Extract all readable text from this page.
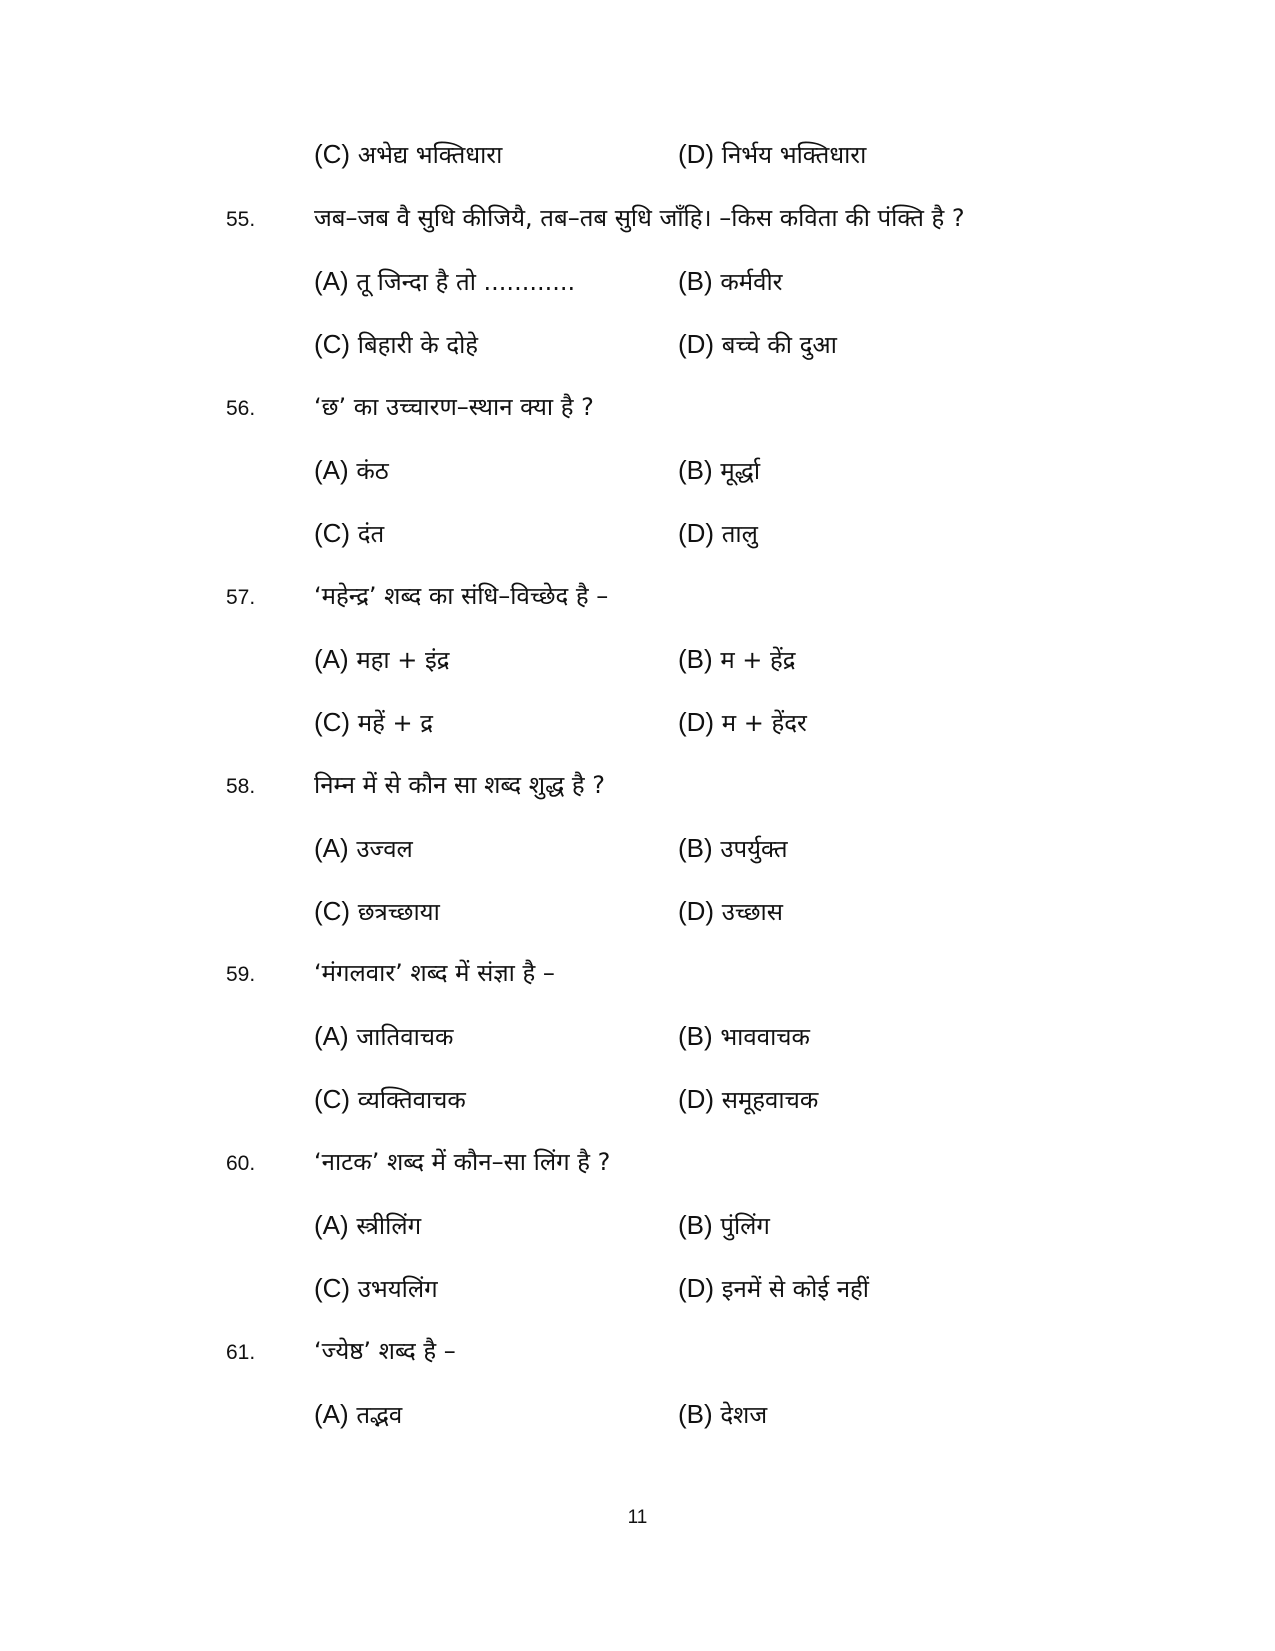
(C) अभेद्य भक्तिधारा	(D) निर्भय भक्तिधारा
55. जब–जब वै सुधि कीजियै, तब–तब सुधि जाँहि। –किस कविता की पंक्ति है ?
(A) तू जिन्दा है तो ............	(B) कर्मवीर
(C) बिहारी के दोहे	(D) बच्चे की दुआ
56. ‘छ’ का उच्चारण–स्थान क्या है ?
(A) कंठ	(B) मूर्द्धा
(C) दंत	(D) तालु
57. ‘महेन्द्र’ शब्द का संधि–विच्छेद है –
(A) महा + इंद्र	(B) म + हेंद्र
(C) महें + द्र	(D) म + हेंदर
58. निम्न में से कौन सा शब्द शुद्ध है ?
(A) उज्वल	(B) उपर्युक्त
(C) छत्रच्छाया	(D) उच्छास
59. ‘मंगलवार’ शब्द में संज्ञा है –
(A) जातिवाचक	(B) भाववाचक
(C) व्यक्तिवाचक	(D) समूहवाचक
60. ‘नाटक’ शब्द में कौन–सा लिंग है ?
(A) स्त्रीलिंग	(B) पुंलिंग
(C) उभयलिंग	(D) इनमें से कोई नहीं
61. ‘ज्येष्ठ’ शब्द है –
(A) तद्भव	(B) देशज
11
